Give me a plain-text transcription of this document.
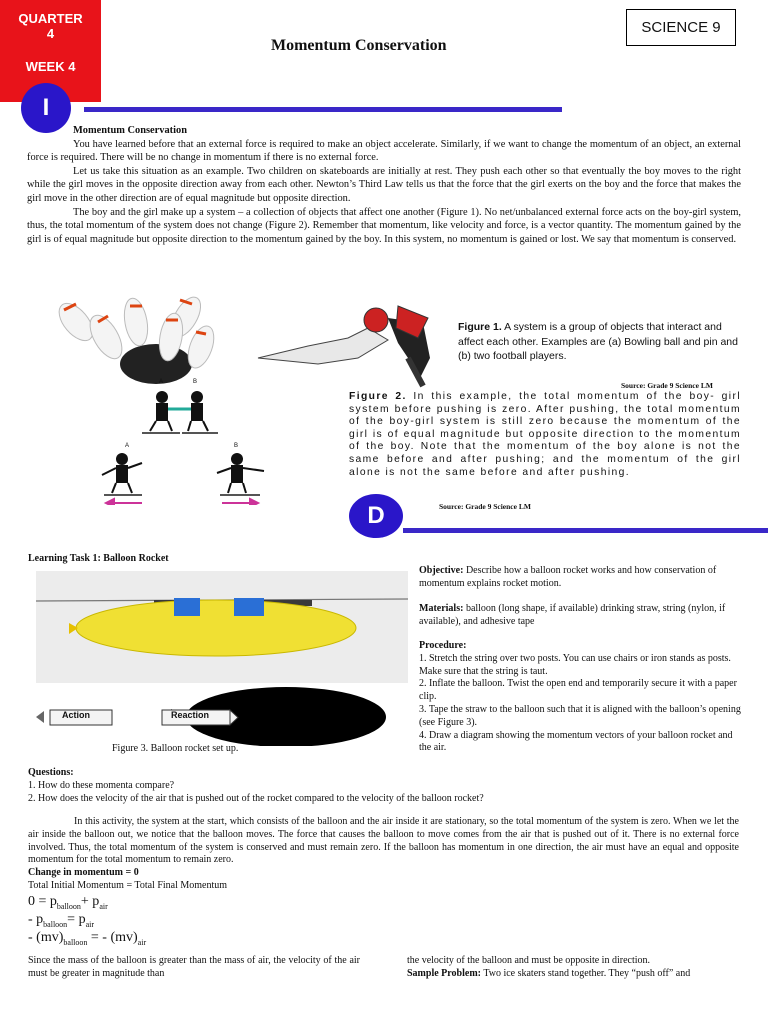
QUARTER
4
WEEK 4
SCIENCE 9
Momentum Conservation
I
Momentum Conservation

You have learned before that an external force is required to make an object accelerate. Similarly, if we want to change the momentum of an object, an external force is required. There will be no change in momentum if there is no external force.

Let us take this situation as an example. Two children on skateboards are initially at rest. They push each other so that eventually the boy moves to the right while the girl moves in the opposite direction away from each other. Newton’s Third Law tells us that the force that the girl exerts on the boy and the force that makes the girl move in the other direction are of equal magnitude but opposite direction.

The boy and the girl make up a system – a collection of objects that affect one another (Figure 1). No net/unbalanced external force acts on the boy-girl system, thus, the total momentum of the system does not change (Figure 2). Remember that momentum, like velocity and force, is a vector quantity. The momentum gained by the girl is of equal magnitude but opposite direction to the momentum gained by the boy. In this system, no momentum is gained or lost. We say that momentum is conserved.

Figure 1. A system is a group of objects that interact and affect each other. Examples are (a) Bowling ball and pin and (b) two football players.
Source: Grade 9 Science LM
A	B
A	B
Figure 2. In this example, the total momentum of the boy- girl system before pushing is zero. After pushing, the total momentum of the boy-girl system is still zero because the momentum of the girl is of equal magnitude but opposite direction to the momentum of the boy. Note that the momentum of the boy alone is not the same before and after pushing; and the momentum of the girl alone is not the same before and after pushing.
D	Source: Grade 9 Science LM
Learning Task 1: Balloon Rocket
Action	Reaction
Figure 3. Balloon rocket set up.
Objective: Describe how a balloon rocket works and how conservation of momentum explains rocket motion.
Materials: balloon (long shape, if available) drinking straw, string (nylon, if available), and adhesive tape
Procedure:
1. Stretch the string over two posts. You can use chairs or iron stands as posts. Make sure that the string is taut.
2. Inflate the balloon. Twist the open end and temporarily secure it with a paper clip.
3. Tape the straw to the balloon such that it is aligned with the balloon’s opening (see Figure 3).
4. Draw a diagram showing the momentum vectors of your balloon rocket and the air.
Questions:
1. How do these momenta compare?
2. How does the velocity of the air that is pushed out of the rocket compared to the velocity of the balloon rocket?
In this activity, the system at the start, which consists of the balloon and the air inside it are stationary, so the total momentum of the system is zero. When we let the air inside the balloon out, we notice that the balloon moves. The force that causes the balloon to move comes from the air that is pushed out of it. There is no external force involved. Thus, the total momentum of the system is conserved and must remain zero. If the balloon has momentum in one direction, the air must have an equal and opposite momentum for the total momentum to remain zero.
Change in momentum = 0
Total Initial Momentum = Total Final Momentum
$0 = p_{balloon}+ p_{air}$
- $p_{balloon}= p_{air}$
- $(mv)_{balloon}$ = - $(mv)_{air}$
Since the mass of the balloon is greater than the mass of air, the velocity of the air must be greater in magnitude than
the velocity of the balloon and must be opposite in direction.
Sample Problem: Two ice skaters stand together. They “push off” and
